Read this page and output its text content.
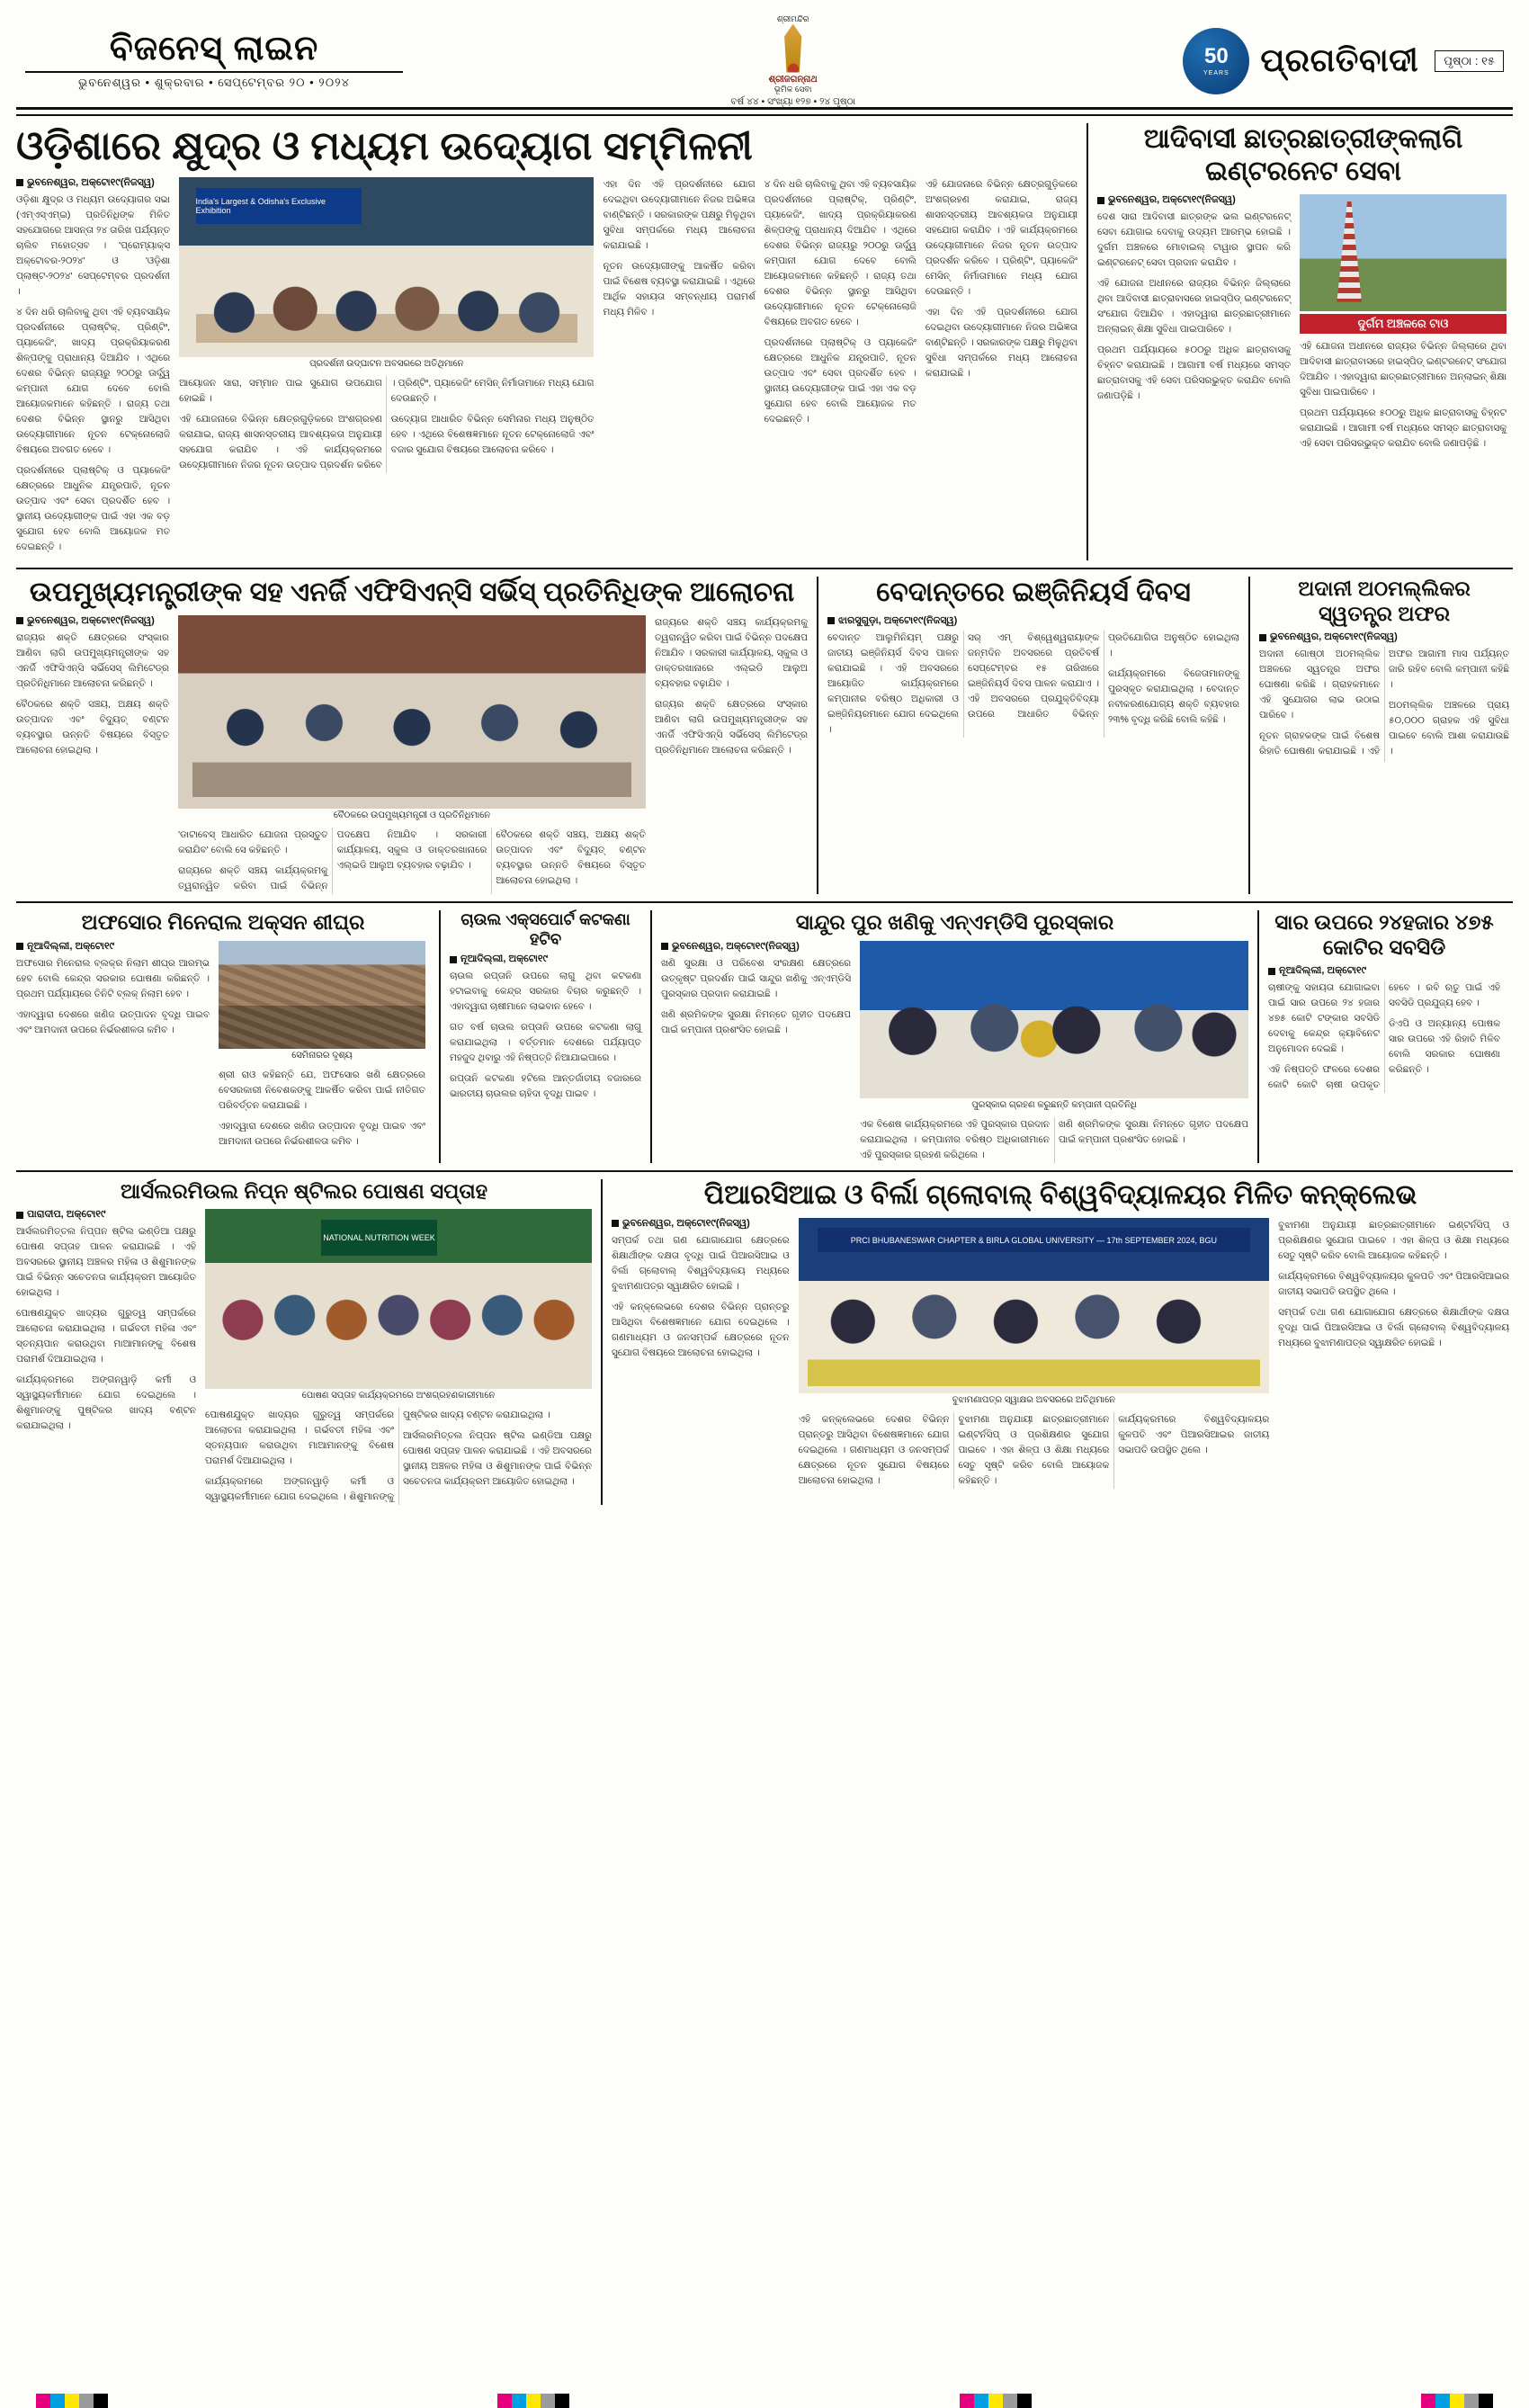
ବିଜନେସ୍ ଲାଇନ
ଭୁବନେଶ୍ୱର • ଶୁକ୍ରବାର • ସେପ୍ଟେମ୍ବର ୨୦ • ୨୦୨୪
ଶ୍ରୀମନ୍ଦିର
ଶ୍ରୀଜଗନ୍ନାଥ
ଭୂମିକ ସେବା
ବର୍ଷ ୪୪ • ସଂଖ୍ୟା ୧୨୭ • ୨୪ ପୃଷ୍ଠା
50
YEARS ପ୍ରଗତିବାଦୀ	ପୃଷ୍ଠା : ୧୫
ଓଡ଼ିଶାରେ କ୍ଷୁଦ୍ର ଓ ମଧ୍ୟମ ଉଦ୍ୟୋଗ ସମ୍ମିଳନୀ
ଭୁବନେଶ୍ୱର, ଅକ୍ଟୋ୧୯(ନିଜସ୍ୱ)

ଓଡ଼ିଶା କ୍ଷୁଦ୍ର ଓ ମଧ୍ୟମ ଉଦ୍ୟୋଗର ସଭା (ଏମ୍ଏସ୍ଏମ୍ଇ) ପ୍ରତିନିଧିଙ୍କ ମିଳିତ ସହଯୋଗରେ ଆସନ୍ତା ୨୪ ତାରିଖ ପର୍ଯ୍ୟନ୍ତ ଚାଲିବ ମହୋତ୍ସବ । 'ପ୍ରୋମ୍ୟାକ୍ସ ଅକ୍ଟୋବର-୨୦୨୪' ଓ 'ଓଡ଼ିଶା ପ୍ଲାଷ୍ଟ-୨୦୨୪' ସେପ୍ଟେମ୍ବର ପ୍ରଦର୍ଶନୀ ।

୪ ଦିନ ଧରି ଚାଲିବାକୁ ଥିବା ଏହି ବ୍ୟବସାୟିକ ପ୍ରଦର୍ଶନୀରେ ପ୍ଲାଷ୍ଟିକ୍, ପ୍ରିଣ୍ଟିଂ, ପ୍ୟାକେଜିଂ, ଖାଦ୍ୟ ପ୍ରକ୍ରିୟାକରଣ ଶିଳ୍ପଙ୍କୁ ପ୍ରାଧାନ୍ୟ ଦିଆଯିବ । ଏଥିରେ ଦେଶର ବିଭିନ୍ନ ରାଜ୍ୟରୁ ୨୦୦ରୁ ଊର୍ଦ୍ଧ୍ୱ କମ୍ପାନୀ ଯୋଗ ଦେବେ ବୋଲି ଆୟୋଜକମାନେ କହିଛନ୍ତି । ରାଜ୍ୟ ତଥା ଦେଶର ବିଭିନ୍ନ ସ୍ଥାନରୁ ଆସିଥିବା ଉଦ୍ୟୋଗୀମାନେ ନୂତନ ଟେକ୍ନୋଲୋଜି ବିଷୟରେ ଅବଗତ ହେବେ ।

ପ୍ରଦର୍ଶନୀରେ ପ୍ଲାଷ୍ଟିକ୍ ଓ ପ୍ୟାକେଜିଂ କ୍ଷେତ୍ରରେ ଆଧୁନିକ ଯନ୍ତ୍ରପାତି, ନୂତନ ଉତ୍ପାଦ ଏବଂ ସେବା ପ୍ରଦର୍ଶିତ ହେବ । ସ୍ଥାନୀୟ ଉଦ୍ୟୋଗୀଙ୍କ ପାଇଁ ଏହା ଏକ ବଡ଼ ସୁଯୋଗ ହେବ ବୋଲି ଆୟୋଜକ ମତ ଦେଇଛନ୍ତି ।

India's Largest & Odisha's Exclusive Exhibition
ପ୍ରଦର୍ଶନୀ ଉଦ୍‌ଘାଟନ ଅବସରରେ ଅତିଥିମାନେ

ଆୟୋଜନ ସାରା, ସମ୍ମାନ ପାଇ ସୁଯୋଗ ଉପଯୋଗ ହୋଇଛି ।

ଏହି ଯୋଜନାରେ ବିଭିନ୍ନ କ୍ଷେତ୍ରଗୁଡ଼ିକରେ ଅଂଶଗ୍ରହଣ କରାଯାଇ, ରାଜ୍ୟ ଶାସନସ୍ତରୀୟ ଆବଶ୍ୟକତା ଅନୁଯାୟୀ ସହଯୋଗ କରାଯିବ । ଏହି କାର୍ଯ୍ୟକ୍ରମରେ ଉଦ୍ୟୋଗୀମାନେ ନିଜର ନୂତନ ଉତ୍ପାଦ ପ୍ରଦର୍ଶନ କରିବେ । ପ୍ରିଣ୍ଟିଂ, ପ୍ୟାକେଜିଂ ମେସିନ୍ ନିର୍ମାତାମାନେ ମଧ୍ୟ ଯୋଗ ଦେଉଛନ୍ତି ।

ଉଦ୍ୟୋଗ ଆଧାରିତ ବିଭିନ୍ନ ସେମିନାର ମଧ୍ୟ ଅନୁଷ୍ଠିତ ହେବ । ଏଥିରେ ବିଶେଷଜ୍ଞମାନେ ନୂତନ ଟେକ୍ନୋଲୋଜି ଏବଂ ବଜାର ସୁଯୋଗ ବିଷୟରେ ଆଲୋଚନା କରିବେ ।

ଏହା ଦିନ ଏହି ପ୍ରଦର୍ଶନୀରେ ଯୋଗ ଦେଇଥିବା ଉଦ୍ୟୋଗୀମାନେ ନିଜର ଅଭିଜ୍ଞତା ବାଣ୍ଟିଛନ୍ତି । ସରକାରଙ୍କ ପକ୍ଷରୁ ମିଳୁଥିବା ସୁବିଧା ସମ୍ପର୍କରେ ମଧ୍ୟ ଆଲୋଚନା କରାଯାଇଛି ।

ନୂତନ ଉଦ୍ୟୋଗୀଙ୍କୁ ଆକର୍ଷିତ କରିବା ପାଇଁ ବିଶେଷ ବ୍ୟବସ୍ଥା କରାଯାଇଛି । ଏଥିରେ ଆର୍ଥିକ ସହାୟତା ସମ୍ବନ୍ଧୀୟ ପରାମର୍ଶ ମଧ୍ୟ ମିଳିବ ।

୪ ଦିନ ଧରି ଚାଲିବାକୁ ଥିବା ଏହି ବ୍ୟବସାୟିକ ପ୍ରଦର୍ଶନୀରେ ପ୍ଲାଷ୍ଟିକ୍, ପ୍ରିଣ୍ଟିଂ, ପ୍ୟାକେଜିଂ, ଖାଦ୍ୟ ପ୍ରକ୍ରିୟାକରଣ ଶିଳ୍ପଙ୍କୁ ପ୍ରାଧାନ୍ୟ ଦିଆଯିବ । ଏଥିରେ ଦେଶର ବିଭିନ୍ନ ରାଜ୍ୟରୁ ୨୦୦ରୁ ଊର୍ଦ୍ଧ୍ୱ କମ୍ପାନୀ ଯୋଗ ଦେବେ ବୋଲି ଆୟୋଜକମାନେ କହିଛନ୍ତି । ରାଜ୍ୟ ତଥା ଦେଶର ବିଭିନ୍ନ ସ୍ଥାନରୁ ଆସିଥିବା ଉଦ୍ୟୋଗୀମାନେ ନୂତନ ଟେକ୍ନୋଲୋଜି ବିଷୟରେ ଅବଗତ ହେବେ ।

ପ୍ରଦର୍ଶନୀରେ ପ୍ଲାଷ୍ଟିକ୍ ଓ ପ୍ୟାକେଜିଂ କ୍ଷେତ୍ରରେ ଆଧୁନିକ ଯନ୍ତ୍ରପାତି, ନୂତନ ଉତ୍ପାଦ ଏବଂ ସେବା ପ୍ରଦର୍ଶିତ ହେବ । ସ୍ଥାନୀୟ ଉଦ୍ୟୋଗୀଙ୍କ ପାଇଁ ଏହା ଏକ ବଡ଼ ସୁଯୋଗ ହେବ ବୋଲି ଆୟୋଜକ ମତ ଦେଇଛନ୍ତି ।

ଏହି ଯୋଜନାରେ ବିଭିନ୍ନ କ୍ଷେତ୍ରଗୁଡ଼ିକରେ ଅଂଶଗ୍ରହଣ କରାଯାଇ, ରାଜ୍ୟ ଶାସନସ୍ତରୀୟ ଆବଶ୍ୟକତା ଅନୁଯାୟୀ ସହଯୋଗ କରାଯିବ । ଏହି କାର୍ଯ୍ୟକ୍ରମରେ ଉଦ୍ୟୋଗୀମାନେ ନିଜର ନୂତନ ଉତ୍ପାଦ ପ୍ରଦର୍ଶନ କରିବେ । ପ୍ରିଣ୍ଟିଂ, ପ୍ୟାକେଜିଂ ମେସିନ୍ ନିର୍ମାତାମାନେ ମଧ୍ୟ ଯୋଗ ଦେଉଛନ୍ତି ।

ଏହା ଦିନ ଏହି ପ୍ରଦର୍ଶନୀରେ ଯୋଗ ଦେଇଥିବା ଉଦ୍ୟୋଗୀମାନେ ନିଜର ଅଭିଜ୍ଞତା ବାଣ୍ଟିଛନ୍ତି । ସରକାରଙ୍କ ପକ୍ଷରୁ ମିଳୁଥିବା ସୁବିଧା ସମ୍ପର୍କରେ ମଧ୍ୟ ଆଲୋଚନା କରାଯାଇଛି ।

ଆଦିବାସୀ ଛାତ୍ରଛାତ୍ରୀଙ୍କଲାଗି ଇଣ୍ଟରନେଟ ସେବା
ଭୁବନେଶ୍ୱର, ଅକ୍ଟୋ୧୯(ନିଜସ୍ୱ)

ଦେଶ ସାରା ଆଦିବାସୀ ଛାତ୍ରଙ୍କ ଭଲ ଇଣ୍ଟରନେଟ୍ ସେବା ଯୋଗାଇ ଦେବାକୁ ଉଦ୍ୟମ ଆରମ୍ଭ ହୋଇଛି । ଦୁର୍ଗମ ଅଞ୍ଚଳରେ ମୋବାଇଲ୍ ଟାୱାର ସ୍ଥାପନ କରି ଇଣ୍ଟରନେଟ୍ ସେବା ପ୍ରଦାନ କରାଯିବ ।

ଏହି ଯୋଜନା ଅଧୀନରେ ରାଜ୍ୟର ବିଭିନ୍ନ ଜିଲ୍ଲାରେ ଥିବା ଆଦିବାସୀ ଛାତ୍ରାବାସରେ ହାଇସ୍ପିଡ୍ ଇଣ୍ଟରନେଟ୍ ସଂଯୋଗ ଦିଆଯିବ । ଏହାଦ୍ୱାରା ଛାତ୍ରଛାତ୍ରୀମାନେ ଅନ୍‌ଲାଇନ୍ ଶିକ୍ଷା ସୁବିଧା ପାଇପାରିବେ ।

ପ୍ରଥମ ପର୍ଯ୍ୟାୟରେ ୫୦୦ରୁ ଅଧିକ ଛାତ୍ରାବାସକୁ ଚିହ୍ନଟ କରାଯାଇଛି । ଆଗାମୀ ବର୍ଷ ମଧ୍ୟରେ ସମସ୍ତ ଛାତ୍ରାବାସକୁ ଏହି ସେବା ପରିସରଭୁକ୍ତ କରାଯିବ ବୋଲି ଜଣାପଡ଼ିଛି ।

ଦୁର୍ଗମ ଅଞ୍ଚଳରେ ଟାଓ

ଏହି ଯୋଜନା ଅଧୀନରେ ରାଜ୍ୟର ବିଭିନ୍ନ ଜିଲ୍ଲାରେ ଥିବା ଆଦିବାସୀ ଛାତ୍ରାବାସରେ ହାଇସ୍ପିଡ୍ ଇଣ୍ଟରନେଟ୍ ସଂଯୋଗ ଦିଆଯିବ । ଏହାଦ୍ୱାରା ଛାତ୍ରଛାତ୍ରୀମାନେ ଅନ୍‌ଲାଇନ୍ ଶିକ୍ଷା ସୁବିଧା ପାଇପାରିବେ ।

ପ୍ରଥମ ପର୍ଯ୍ୟାୟରେ ୫୦୦ରୁ ଅଧିକ ଛାତ୍ରାବାସକୁ ଚିହ୍ନଟ କରାଯାଇଛି । ଆଗାମୀ ବର୍ଷ ମଧ୍ୟରେ ସମସ୍ତ ଛାତ୍ରାବାସକୁ ଏହି ସେବା ପରିସରଭୁକ୍ତ କରାଯିବ ବୋଲି ଜଣାପଡ଼ିଛି ।

ଉପମୁଖ୍ୟମନ୍ତ୍ରୀଙ୍କ ସହ ଏନର୍ଜି ଏଫିସିଏନ୍‌ସି ସର୍ଭିସ୍ ପ୍ରତିନିଧିଙ୍କ ଆଲୋଚନା
ଭୁବନେଶ୍ୱର, ଅକ୍ଟୋ୧୯(ନିଜସ୍ୱ)

ରାଜ୍ୟର ଶକ୍ତି କ୍ଷେତ୍ରରେ ସଂସ୍କାର ଆଣିବା ଲାଗି ଉପମୁଖ୍ୟମନ୍ତ୍ରୀଙ୍କ ସହ ଏନର୍ଜି ଏଫିସିଏନ୍‌ସି ସର୍ଭିସେସ୍ ଲିମିଟେଡ୍‌ର ପ୍ରତିନିଧିମାନେ ଆଲୋଚନା କରିଛନ୍ତି ।

ବୈଠକରେ ଶକ୍ତି ସଞ୍ଚୟ, ଅକ୍ଷୟ ଶକ୍ତି ଉତ୍ପାଦନ ଏବଂ ବିଦ୍ୟୁତ୍ ବଣ୍ଟନ ବ୍ୟବସ୍ଥାର ଉନ୍ନତି ବିଷୟରେ ବିସ୍ତୃତ ଆଲୋଚନା ହୋଇଥିଲା ।

ବୈଠକରେ ଉପମୁଖ୍ୟମନ୍ତ୍ରୀ ଓ ପ୍ରତିନିଧିମାନେ

'ଡାଟାବେସ୍ ଆଧାରିତ ଯୋଜନା ପ୍ରସ୍ତୁତ କରାଯିବ' ବୋଲି ସେ କହିଛନ୍ତି ।

ରାଜ୍ୟରେ ଶକ୍ତି ସଞ୍ଚୟ କାର୍ଯ୍ୟକ୍ରମକୁ ତ୍ୱରାନ୍ୱିତ କରିବା ପାଇଁ ବିଭିନ୍ନ ପଦକ୍ଷେପ ନିଆଯିବ । ସରକାରୀ କାର୍ଯ୍ୟାଳୟ, ସ୍କୁଲ ଓ ଡାକ୍ତରଖାନାରେ ଏଲ୍ଇଡି ଆଲୁଅ ବ୍ୟବହାର ବଢ଼ାଯିବ ।

ବୈଠକରେ ଶକ୍ତି ସଞ୍ଚୟ, ଅକ୍ଷୟ ଶକ୍ତି ଉତ୍ପାଦନ ଏବଂ ବିଦ୍ୟୁତ୍ ବଣ୍ଟନ ବ୍ୟବସ୍ଥାର ଉନ୍ନତି ବିଷୟରେ ବିସ୍ତୃତ ଆଲୋଚନା ହୋଇଥିଲା ।

ରାଜ୍ୟରେ ଶକ୍ତି ସଞ୍ଚୟ କାର୍ଯ୍ୟକ୍ରମକୁ ତ୍ୱରାନ୍ୱିତ କରିବା ପାଇଁ ବିଭିନ୍ନ ପଦକ୍ଷେପ ନିଆଯିବ । ସରକାରୀ କାର୍ଯ୍ୟାଳୟ, ସ୍କୁଲ ଓ ଡାକ୍ତରଖାନାରେ ଏଲ୍ଇଡି ଆଲୁଅ ବ୍ୟବହାର ବଢ଼ାଯିବ ।

ରାଜ୍ୟର ଶକ୍ତି କ୍ଷେତ୍ରରେ ସଂସ୍କାର ଆଣିବା ଲାଗି ଉପମୁଖ୍ୟମନ୍ତ୍ରୀଙ୍କ ସହ ଏନର୍ଜି ଏଫିସିଏନ୍‌ସି ସର୍ଭିସେସ୍ ଲିମିଟେଡ୍‌ର ପ୍ରତିନିଧିମାନେ ଆଲୋଚନା କରିଛନ୍ତି ।

ବେଦାନ୍ତରେ ଇଞ୍ଜିନିୟର୍ସ ଦିବସ
ଝାରସୁଗୁଡ଼ା, ଅକ୍ଟୋ୧୯(ନିଜସ୍ୱ)

ବେଦାନ୍ତ ଆଲୁମିନିୟମ୍ ପକ୍ଷରୁ ଜାତୀୟ ଇଞ୍ଜିନିୟର୍ସ ଦିବସ ପାଳନ କରାଯାଇଛି । ଏହି ଅବସରରେ ଆୟୋଜିତ କାର୍ଯ୍ୟକ୍ରମରେ କମ୍ପାନୀର ବରିଷ୍ଠ ଅଧିକାରୀ ଓ ଇଞ୍ଜିନିୟରମାନେ ଯୋଗ ଦେଇଥିଲେ ।

ସର୍‌ ଏମ୍ ବିଶ୍ୱେଶ୍ୱରାୟାଙ୍କ ଜନ୍ମଦିନ ଅବସରରେ ପ୍ରତିବର୍ଷ ସେପ୍ଟେମ୍ବର ୧୫ ତାରିଖରେ ଇଞ୍ଜିନିୟର୍ସ ଦିବସ ପାଳନ କରାଯାଏ । ଏହି ଅବସରରେ ପ୍ରଯୁକ୍ତିବିଦ୍ୟା ଉପରେ ଆଧାରିତ ବିଭିନ୍ନ ପ୍ରତିଯୋଗିତା ଅନୁଷ୍ଠିତ ହୋଇଥିଲା ।

କାର୍ଯ୍ୟକ୍ରମରେ ବିଜେତାମାନଙ୍କୁ ପୁରସ୍କୃତ କରାଯାଇଥିଲା । ବେଦାନ୍ତ ନବୀକରଣଯୋଗ୍ୟ ଶକ୍ତି ବ୍ୟବହାର ୨୩% ବୃଦ୍ଧି କରିଛି ବୋଲି କହିଛି ।

ଅଦାନୀ ଅଠମଲ୍ଲିକର ସ୍ୱତନ୍ତ୍ର ଅଫର
ଭୁବନେଶ୍ୱର, ଅକ୍ଟୋ୧୯(ନିଜସ୍ୱ)

ଅଦାନୀ ଗୋଷ୍ଠୀ ଅଠମଲ୍ଲିକ ଅଞ୍ଚଳରେ ସ୍ୱତନ୍ତ୍ର ଅଫର ଘୋଷଣା କରିଛି । ଗ୍ରାହକମାନେ ଏହି ସୁଯୋଗର ଲାଭ ଉଠାଇ ପାରିବେ ।

ନୂତନ ଗ୍ରାହକଙ୍କ ପାଇଁ ବିଶେଷ ରିହାତି ଘୋଷଣା କରାଯାଇଛି । ଏହି ଅଫର ଆଗାମୀ ମାସ ପର୍ଯ୍ୟନ୍ତ ଜାରି ରହିବ ବୋଲି କମ୍ପାନୀ କହିଛି ।

ଅଠମଲ୍ଲିକ ଅଞ୍ଚଳରେ ପ୍ରାୟ ୫୦,୦୦୦ ଗ୍ରାହକ ଏହି ସୁବିଧା ପାଇବେ ବୋଲି ଆଶା କରାଯାଉଛି ।

ଅଫସୋର ମିନେରାଲ ଅକ୍ସନ ଶୀଘ୍ର
ନୂଆଦିଲ୍ଲୀ, ଅକ୍ଟୋ୧୯

ଅଫସୋର ମିନେରାଲ ବ୍ଲକ୍‌ର ନିଲାମ ଶୀଘ୍ର ଆରମ୍ଭ ହେବ ବୋଲି କେନ୍ଦ୍ର ସରକାର ଘୋଷଣା କରିଛନ୍ତି । ପ୍ରଥମ ପର୍ଯ୍ୟାୟରେ ତିନିଟି ବ୍ଲକ୍ ନିଲାମ ହେବ ।

ଏହାଦ୍ୱାରା ଦେଶରେ ଖଣିଜ ଉତ୍ପାଦନ ବୃଦ୍ଧି ପାଇବ ଏବଂ ଆମଦାନୀ ଉପରେ ନିର୍ଭରଶୀଳତା କମିବ ।

ସେମିନାରର ଦୃଶ୍ୟ

ଶ୍ରୀ ରାଓ କହିଛନ୍ତି ଯେ, ଅଫସୋର ଖଣି କ୍ଷେତ୍ରରେ ବେସରକାରୀ ନିବେଶକଙ୍କୁ ଆକର୍ଷିତ କରିବା ପାଇଁ ନୀତିଗତ ପରିବର୍ତ୍ତନ କରାଯାଇଛି ।

ଏହାଦ୍ୱାରା ଦେଶରେ ଖଣିଜ ଉତ୍ପାଦନ ବୃଦ୍ଧି ପାଇବ ଏବଂ ଆମଦାନୀ ଉପରେ ନିର୍ଭରଶୀଳତା କମିବ ।

ଚାଉଲ ଏକ୍ସପୋର୍ଟ କଟକଣା ହଟିବ
ନୂଆଦିଲ୍ଲୀ, ଅକ୍ଟୋ୧୯

ଚାଉଲ ରପ୍ତାନି ଉପରେ ଲାଗୁ ଥିବା କଟକଣା ହଟାଇବାକୁ କେନ୍ଦ୍ର ସରକାର ବିଚାର କରୁଛନ୍ତି । ଏହାଦ୍ୱାରା ଚାଷୀମାନେ ଲାଭବାନ ହେବେ ।

ଗତ ବର୍ଷ ଚାଉଲ ରପ୍ତାନି ଉପରେ କଟକଣା ଲାଗୁ କରାଯାଇଥିଲା । ବର୍ତ୍ତମାନ ଦେଶରେ ପର୍ଯ୍ୟାପ୍ତ ମହଜୁଦ ଥିବାରୁ ଏହି ନିଷ୍ପତ୍ତି ନିଆଯାଇପାରେ ।

ରପ୍ତାନି କଟକଣା ହଟିଲେ ଆନ୍ତର୍ଜାତୀୟ ବଜାରରେ ଭାରତୀୟ ଚାଉଲର ଚାହିଦା ବୃଦ୍ଧି ପାଇବ ।

ସାନ୍ଦୁର ପୁର ଖଣିକୁ ଏନ୍ଏମ୍ଡିସି ପୁରସ୍କାର
ଭୁବନେଶ୍ୱର, ଅକ୍ଟୋ୧୯(ନିଜସ୍ୱ)

ଖଣି ସୁରକ୍ଷା ଓ ପରିବେଶ ସଂରକ୍ଷଣ କ୍ଷେତ୍ରରେ ଉତ୍କୃଷ୍ଟ ପ୍ରଦର୍ଶନ ପାଇଁ ସାନ୍ଦୁର ଖଣିକୁ ଏନ୍ଏମ୍ଡିସି ପୁରସ୍କାର ପ୍ରଦାନ କରାଯାଇଛି ।

ଖଣି ଶ୍ରମିକଙ୍କ ସୁରକ୍ଷା ନିମନ୍ତେ ଗୃହୀତ ପଦକ୍ଷେପ ପାଇଁ କମ୍ପାନୀ ପ୍ରଶଂସିତ ହୋଇଛି ।

ପୁରସ୍କାର ଗ୍ରହଣ କରୁଛନ୍ତି କମ୍ପାନୀ ପ୍ରତିନିଧି

ଏକ ବିଶେଷ କାର୍ଯ୍ୟକ୍ରମରେ ଏହି ପୁରସ୍କାର ପ୍ରଦାନ କରାଯାଇଥିଲା । କମ୍ପାନୀର ବରିଷ୍ଠ ଅଧିକାରୀମାନେ ଏହି ପୁରସ୍କାର ଗ୍ରହଣ କରିଥିଲେ ।

ଖଣି ଶ୍ରମିକଙ୍କ ସୁରକ୍ଷା ନିମନ୍ତେ ଗୃହୀତ ପଦକ୍ଷେପ ପାଇଁ କମ୍ପାନୀ ପ୍ରଶଂସିତ ହୋଇଛି ।

ସାର ଉପରେ ୨୪ହଜାର ୪୭୫ କୋଟିର ସବସିଡି
ନୂଆଦିଲ୍ଲୀ, ଅକ୍ଟୋ୧୯

ଚାଷୀଙ୍କୁ ସହାୟତା ଯୋଗାଇବା ପାଇଁ ସାର ଉପରେ ୨୪ ହଜାର ୪୭୫ କୋଟି ଟଙ୍କାର ସବସିଡି ଦେବାକୁ କେନ୍ଦ୍ର କ୍ୟାବିନେଟ ଅନୁମୋଦନ ଦେଇଛି ।

ଏହି ନିଷ୍ପତ୍ତି ଫଳରେ ଦେଶର କୋଟି କୋଟି ଚାଷୀ ଉପକୃତ ହେବେ । ରବି ଋତୁ ପାଇଁ ଏହି ସବସିଡି ପ୍ରଯୁଜ୍ୟ ହେବ ।

ଡିଏପି ଓ ଅନ୍ୟାନ୍ୟ ପୋଷକ ସାର ଉପରେ ଏହି ରିହାତି ମିଳିବ ବୋଲି ସରକାର ଘୋଷଣା କରିଛନ୍ତି ।

ଆର୍ସଲରମିଉଲ ନିପ୍‌ନ ଷ୍ଟିଲର ପୋଷଣ ସପ୍ତାହ
ପାରାଦୀପ, ଅକ୍ଟୋ୧୯

ଆର୍ସଲରମିତ୍ତଲ ନିପ୍‌ପନ ଷ୍ଟିଲ ଇଣ୍ଡିଆ ପକ୍ଷରୁ ପୋଷଣ ସପ୍ତାହ ପାଳନ କରାଯାଇଛି । ଏହି ଅବସରରେ ସ୍ଥାନୀୟ ଅଞ୍ଚଳର ମହିଳା ଓ ଶିଶୁମାନଙ୍କ ପାଇଁ ବିଭିନ୍ନ ସଚେତନତା କାର୍ଯ୍ୟକ୍ରମ ଆୟୋଜିତ ହୋଇଥିଲା ।

ପୋଷଣଯୁକ୍ତ ଖାଦ୍ୟର ଗୁରୁତ୍ୱ ସମ୍ପର୍କରେ ଆଲୋଚନା କରାଯାଇଥିଲା । ଗର୍ଭବତୀ ମହିଳା ଏବଂ ସ୍ତନ୍ୟପାନ କରାଉଥିବା ମାଆମାନଙ୍କୁ ବିଶେଷ ପରାମର୍ଶ ଦିଆଯାଇଥିଲା ।

କାର୍ଯ୍ୟକ୍ରମରେ ଅଙ୍ଗନୱାଡ଼ି କର୍ମୀ ଓ ସ୍ୱାସ୍ଥ୍ୟକର୍ମୀମାନେ ଯୋଗ ଦେଇଥିଲେ । ଶିଶୁମାନଙ୍କୁ ପୁଷ୍ଟିକର ଖାଦ୍ୟ ବଣ୍ଟନ କରାଯାଇଥିଲା ।

NATIONAL NUTRITION WEEK
ପୋଷଣ ସପ୍ତାହ କାର୍ଯ୍ୟକ୍ରମରେ ଅଂଶଗ୍ରହଣକାରୀମାନେ

ପୋଷଣଯୁକ୍ତ ଖାଦ୍ୟର ଗୁରୁତ୍ୱ ସମ୍ପର୍କରେ ଆଲୋଚନା କରାଯାଇଥିଲା । ଗର୍ଭବତୀ ମହିଳା ଏବଂ ସ୍ତନ୍ୟପାନ କରାଉଥିବା ମାଆମାନଙ୍କୁ ବିଶେଷ ପରାମର୍ଶ ଦିଆଯାଇଥିଲା ।

କାର୍ଯ୍ୟକ୍ରମରେ ଅଙ୍ଗନୱାଡ଼ି କର୍ମୀ ଓ ସ୍ୱାସ୍ଥ୍ୟକର୍ମୀମାନେ ଯୋଗ ଦେଇଥିଲେ । ଶିଶୁମାନଙ୍କୁ ପୁଷ୍ଟିକର ଖାଦ୍ୟ ବଣ୍ଟନ କରାଯାଇଥିଲା ।

ଆର୍ସଲରମିତ୍ତଲ ନିପ୍‌ପନ ଷ୍ଟିଲ ଇଣ୍ଡିଆ ପକ୍ଷରୁ ପୋଷଣ ସପ୍ତାହ ପାଳନ କରାଯାଇଛି । ଏହି ଅବସରରେ ସ୍ଥାନୀୟ ଅଞ୍ଚଳର ମହିଳା ଓ ଶିଶୁମାନଙ୍କ ପାଇଁ ବିଭିନ୍ନ ସଚେତନତା କାର୍ଯ୍ୟକ୍ରମ ଆୟୋଜିତ ହୋଇଥିଲା ।

ପିଆରସିଆଇ ଓ ବିର୍ଲା ଗ୍ଲୋବାଲ୍ ବିଶ୍ୱବିଦ୍ୟାଳୟର ମିଳିତ କନ୍‌କ୍ଲେଭ
ଭୁବନେଶ୍ୱର, ଅକ୍ଟୋ୧୯(ନିଜସ୍ୱ)

ସମ୍ପର୍କ ତଥା ଗଣ ଯୋଗାଯୋଗ କ୍ଷେତ୍ରରେ ଶିକ୍ଷାର୍ଥୀଙ୍କ ଦକ୍ଷତା ବୃଦ୍ଧି ପାଇଁ ପିଆରସିଆଇ ଓ ବିର୍ଲା ଗ୍ଲୋବାଲ୍ ବିଶ୍ୱବିଦ୍ୟାଳୟ ମଧ୍ୟରେ ବୁଝାମଣାପତ୍ର ସ୍ୱାକ୍ଷରିତ ହୋଇଛି ।

ଏହି କନ୍‌କ୍ଲେଭରେ ଦେଶର ବିଭିନ୍ନ ପ୍ରାନ୍ତରୁ ଆସିଥିବା ବିଶେଷଜ୍ଞମାନେ ଯୋଗ ଦେଇଥିଲେ । ଗଣମାଧ୍ୟମ ଓ ଜନସମ୍ପର୍କ କ୍ଷେତ୍ରରେ ନୂତନ ସୁଯୋଗ ବିଷୟରେ ଆଲୋଚନା ହୋଇଥିଲା ।

PRCI BHUBANESWAR CHAPTER & BIRLA GLOBAL UNIVERSITY — 17th SEPTEMBER 2024, BGU
ବୁଝାମଣାପତ୍ର ସ୍ୱାକ୍ଷର ଅବସରରେ ଅତିଥିମାନେ

ଏହି କନ୍‌କ୍ଲେଭରେ ଦେଶର ବିଭିନ୍ନ ପ୍ରାନ୍ତରୁ ଆସିଥିବା ବିଶେଷଜ୍ଞମାନେ ଯୋଗ ଦେଇଥିଲେ । ଗଣମାଧ୍ୟମ ଓ ଜନସମ୍ପର୍କ କ୍ଷେତ୍ରରେ ନୂତନ ସୁଯୋଗ ବିଷୟରେ ଆଲୋଚନା ହୋଇଥିଲା ।

ବୁଝାମଣା ଅନୁଯାୟୀ ଛାତ୍ରଛାତ୍ରୀମାନେ ଇଣ୍ଟର୍ନସିପ୍ ଓ ପ୍ରଶିକ୍ଷଣର ସୁଯୋଗ ପାଇବେ । ଏହା ଶିଳ୍ପ ଓ ଶିକ୍ଷା ମଧ୍ୟରେ ସେତୁ ସୃଷ୍ଟି କରିବ ବୋଲି ଆୟୋଜକ କହିଛନ୍ତି ।

କାର୍ଯ୍ୟକ୍ରମରେ ବିଶ୍ୱବିଦ୍ୟାଳୟର କୁଳପତି ଏବଂ ପିଆରସିଆଇର ଜାତୀୟ ସଭାପତି ଉପସ୍ଥିତ ଥିଲେ ।

ବୁଝାମଣା ଅନୁଯାୟୀ ଛାତ୍ରଛାତ୍ରୀମାନେ ଇଣ୍ଟର୍ନସିପ୍ ଓ ପ୍ରଶିକ୍ଷଣର ସୁଯୋଗ ପାଇବେ । ଏହା ଶିଳ୍ପ ଓ ଶିକ୍ଷା ମଧ୍ୟରେ ସେତୁ ସୃଷ୍ଟି କରିବ ବୋଲି ଆୟୋଜକ କହିଛନ୍ତି ।

କାର୍ଯ୍ୟକ୍ରମରେ ବିଶ୍ୱବିଦ୍ୟାଳୟର କୁଳପତି ଏବଂ ପିଆରସିଆଇର ଜାତୀୟ ସଭାପତି ଉପସ୍ଥିତ ଥିଲେ ।

ସମ୍ପର୍କ ତଥା ଗଣ ଯୋଗାଯୋଗ କ୍ଷେତ୍ରରେ ଶିକ୍ଷାର୍ଥୀଙ୍କ ଦକ୍ଷତା ବୃଦ୍ଧି ପାଇଁ ପିଆରସିଆଇ ଓ ବିର୍ଲା ଗ୍ଲୋବାଲ୍ ବିଶ୍ୱବିଦ୍ୟାଳୟ ମଧ୍ୟରେ ବୁଝାମଣାପତ୍ର ସ୍ୱାକ୍ଷରିତ ହୋଇଛି ।
